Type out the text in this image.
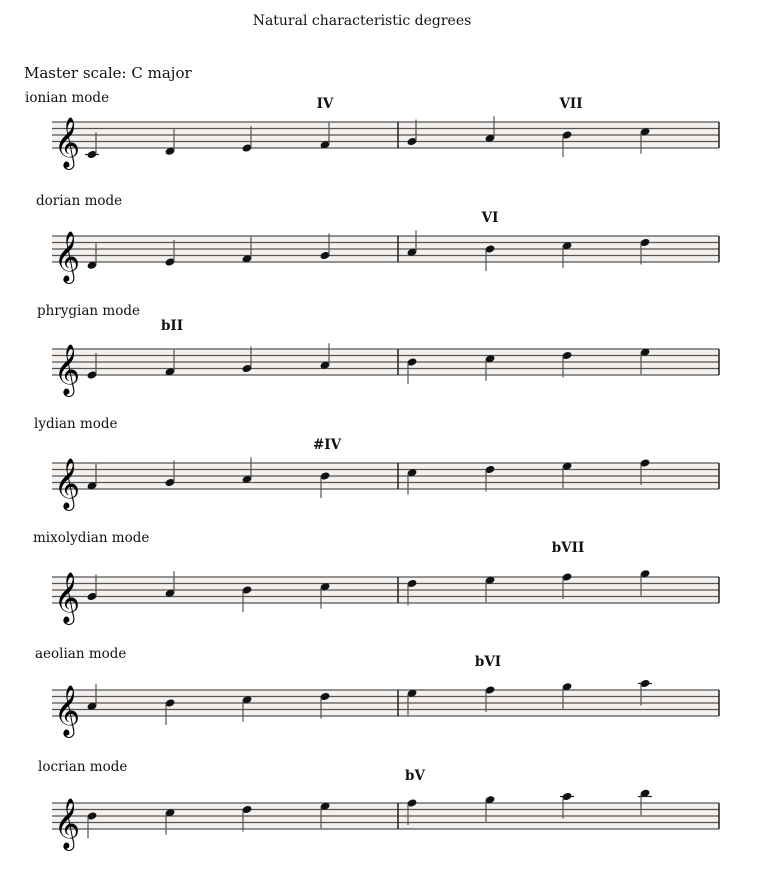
Natural characteristic degrees
Master scale: C major
ionian mode	IV	VII
𝄞
dorian mode
VI
𝄞
phrygian mode
bII
𝄞
lydian mode
#IV
𝄞
mixolydian mode
bVII
𝄞
aeolian mode	bVI
𝄞
locrian mode
bV
𝄞
